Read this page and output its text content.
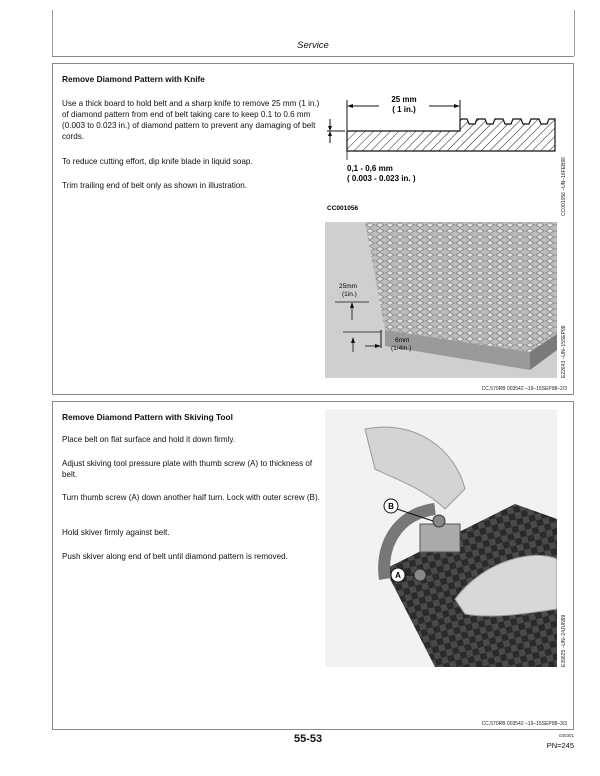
Service
Remove Diamond Pattern with Knife
Use a thick board to hold belt and a sharp knife to remove 25 mm (1 in.) of diamond pattern from end of belt taking care to keep 0.1 to 0.6 mm (0.003 to 0.023 in.) of diamond pattern to prevent any damaging of belt cords.
To reduce cutting effort, dip knife blade in liquid soap.
Trim trailing end of belt only as shown in illustration.
25 mm
( 1 in.)
0,1 - 0,6 mm
( 0.003 - 0.023 in. )
CC001056	CC001056 –UN–16FEB96
25mm
(1in.)
6mm
(1/4in.)	E22643 –UN–15SEP98
CC,570RB 003542 –19–15SEP98–2/3
Remove Diamond Pattern with Skiving Tool
Place belt on flat surface and hold it down firmly.
Adjust skiving tool pressure plate with thumb screw (A) to thickness of belt.
Turn thumb screw (A) down another half turn. Lock with outer screw (B).
Hold skiver firmly against belt.
Push skiver along end of belt until diamond pattern is removed.
B
A
E39625 –UN–24JUN99
CC,570RB 003542 –19–15SEP98–3/3
55-53	030301
PN=245
